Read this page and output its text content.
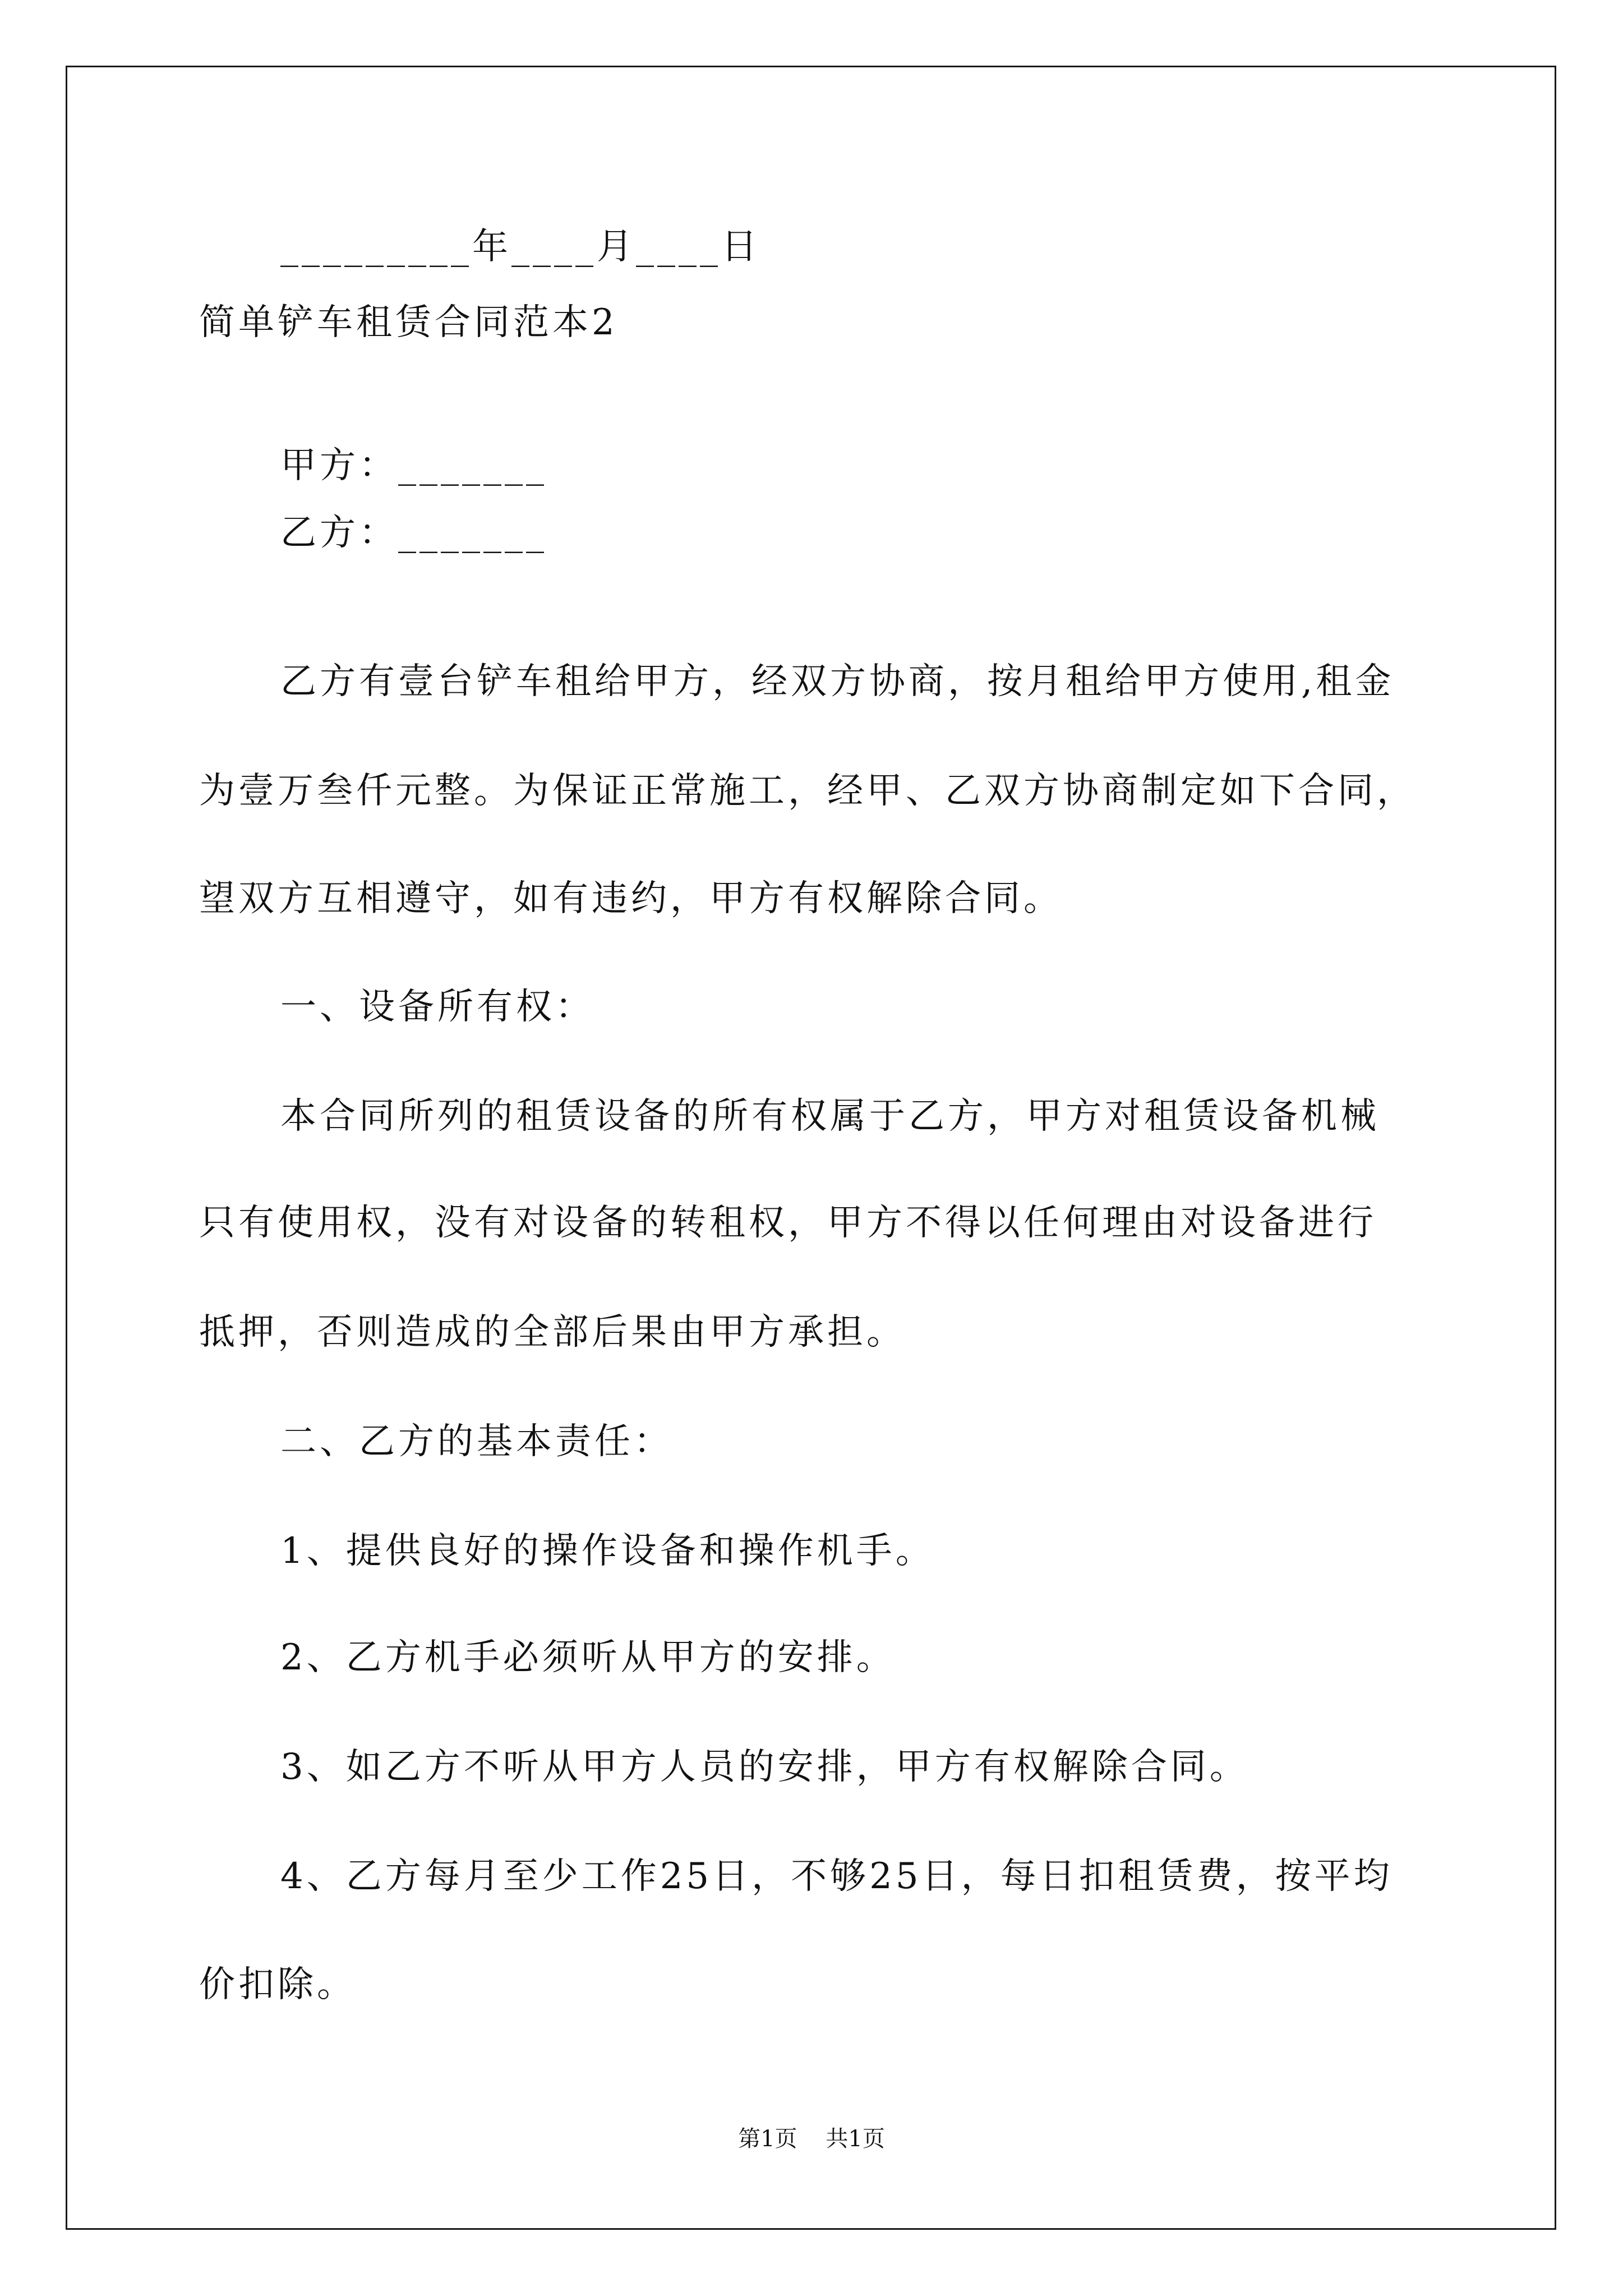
_________年____月____日
简单铲车租赁合同范本2
甲方：_______
乙方：_______
乙方有壹台铲车租给甲方，经双方协商，按月租给甲方使用,租金
为壹万叁仟元整。为保证正常施工，经甲、乙双方协商制定如下合同，
望双方互相遵守，如有违约，甲方有权解除合同。
一、设备所有权：
本合同所列的租赁设备的所有权属于乙方，甲方对租赁设备机械
只有使用权，没有对设备的转租权，甲方不得以任何理由对设备进行
抵押，否则造成的全部后果由甲方承担。
二、乙方的基本责任：
1、提供良好的操作设备和操作机手。
2、乙方机手必须听从甲方的安排。
3、如乙方不听从甲方人员的安排，甲方有权解除合同。
4、乙方每月至少工作25日，不够25日，每日扣租赁费，按平均
价扣除。
第1页    共1页
